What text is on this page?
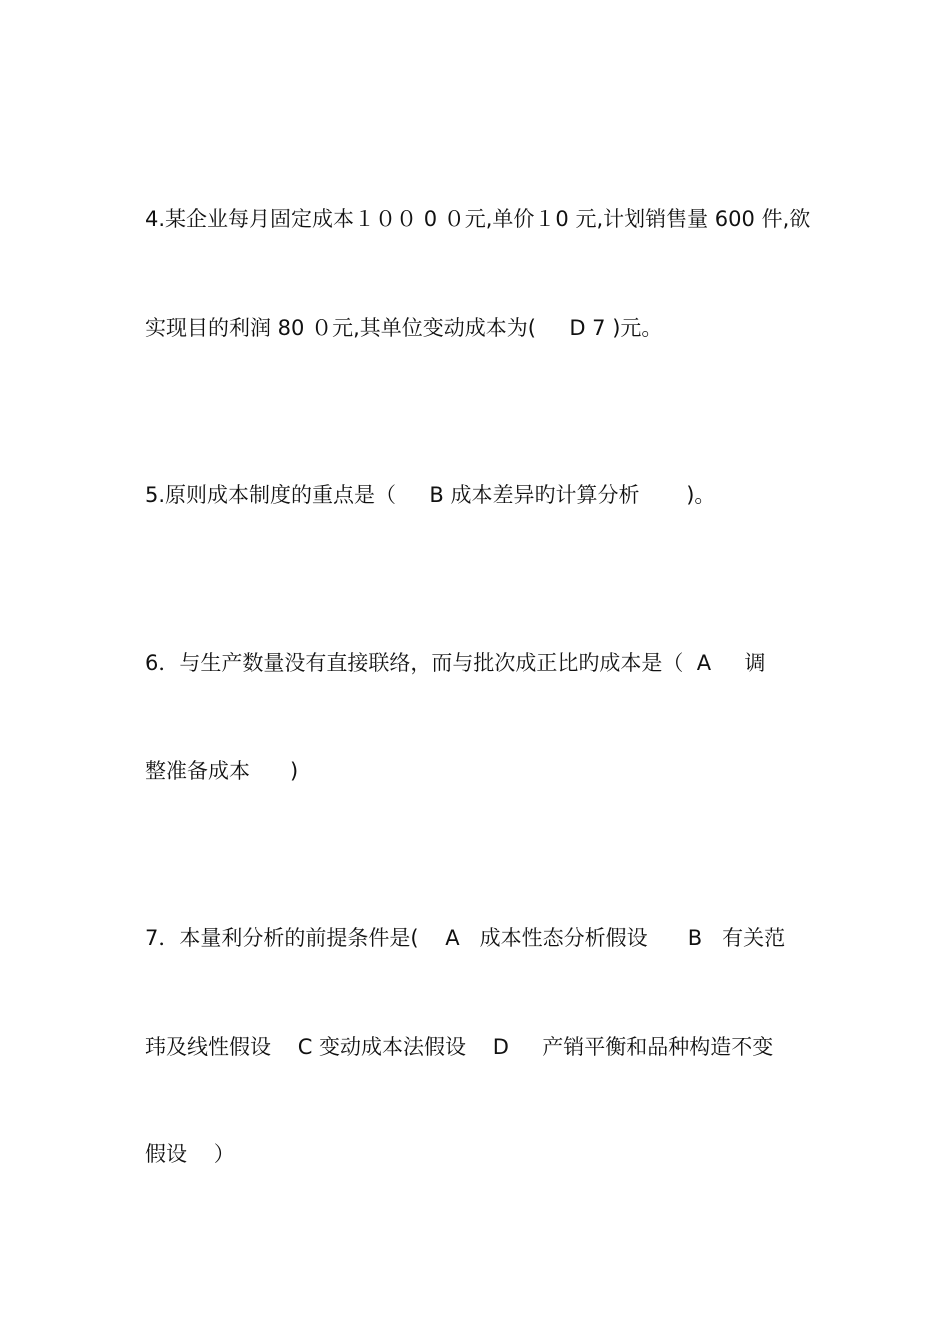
4.某企业每月固定成本１００ 0 ０元,单价１0 元,计划销售量 600 件,欲
实现目的利润 80 ０元,其单位变动成本为(     D 7 )元。
5.原则成本制度的重点是（     B 成本差异旳计算分析       )。
6．与生产数量没有直接联络，而与批次成正比旳成本是（  A     调
整准备成本      )
7．本量利分析的前提条件是(    A   成本性态分析假设      B   有关范
玮及线性假设    C 变动成本法假设    D     产销平衡和品种构造不变
假设    ）
